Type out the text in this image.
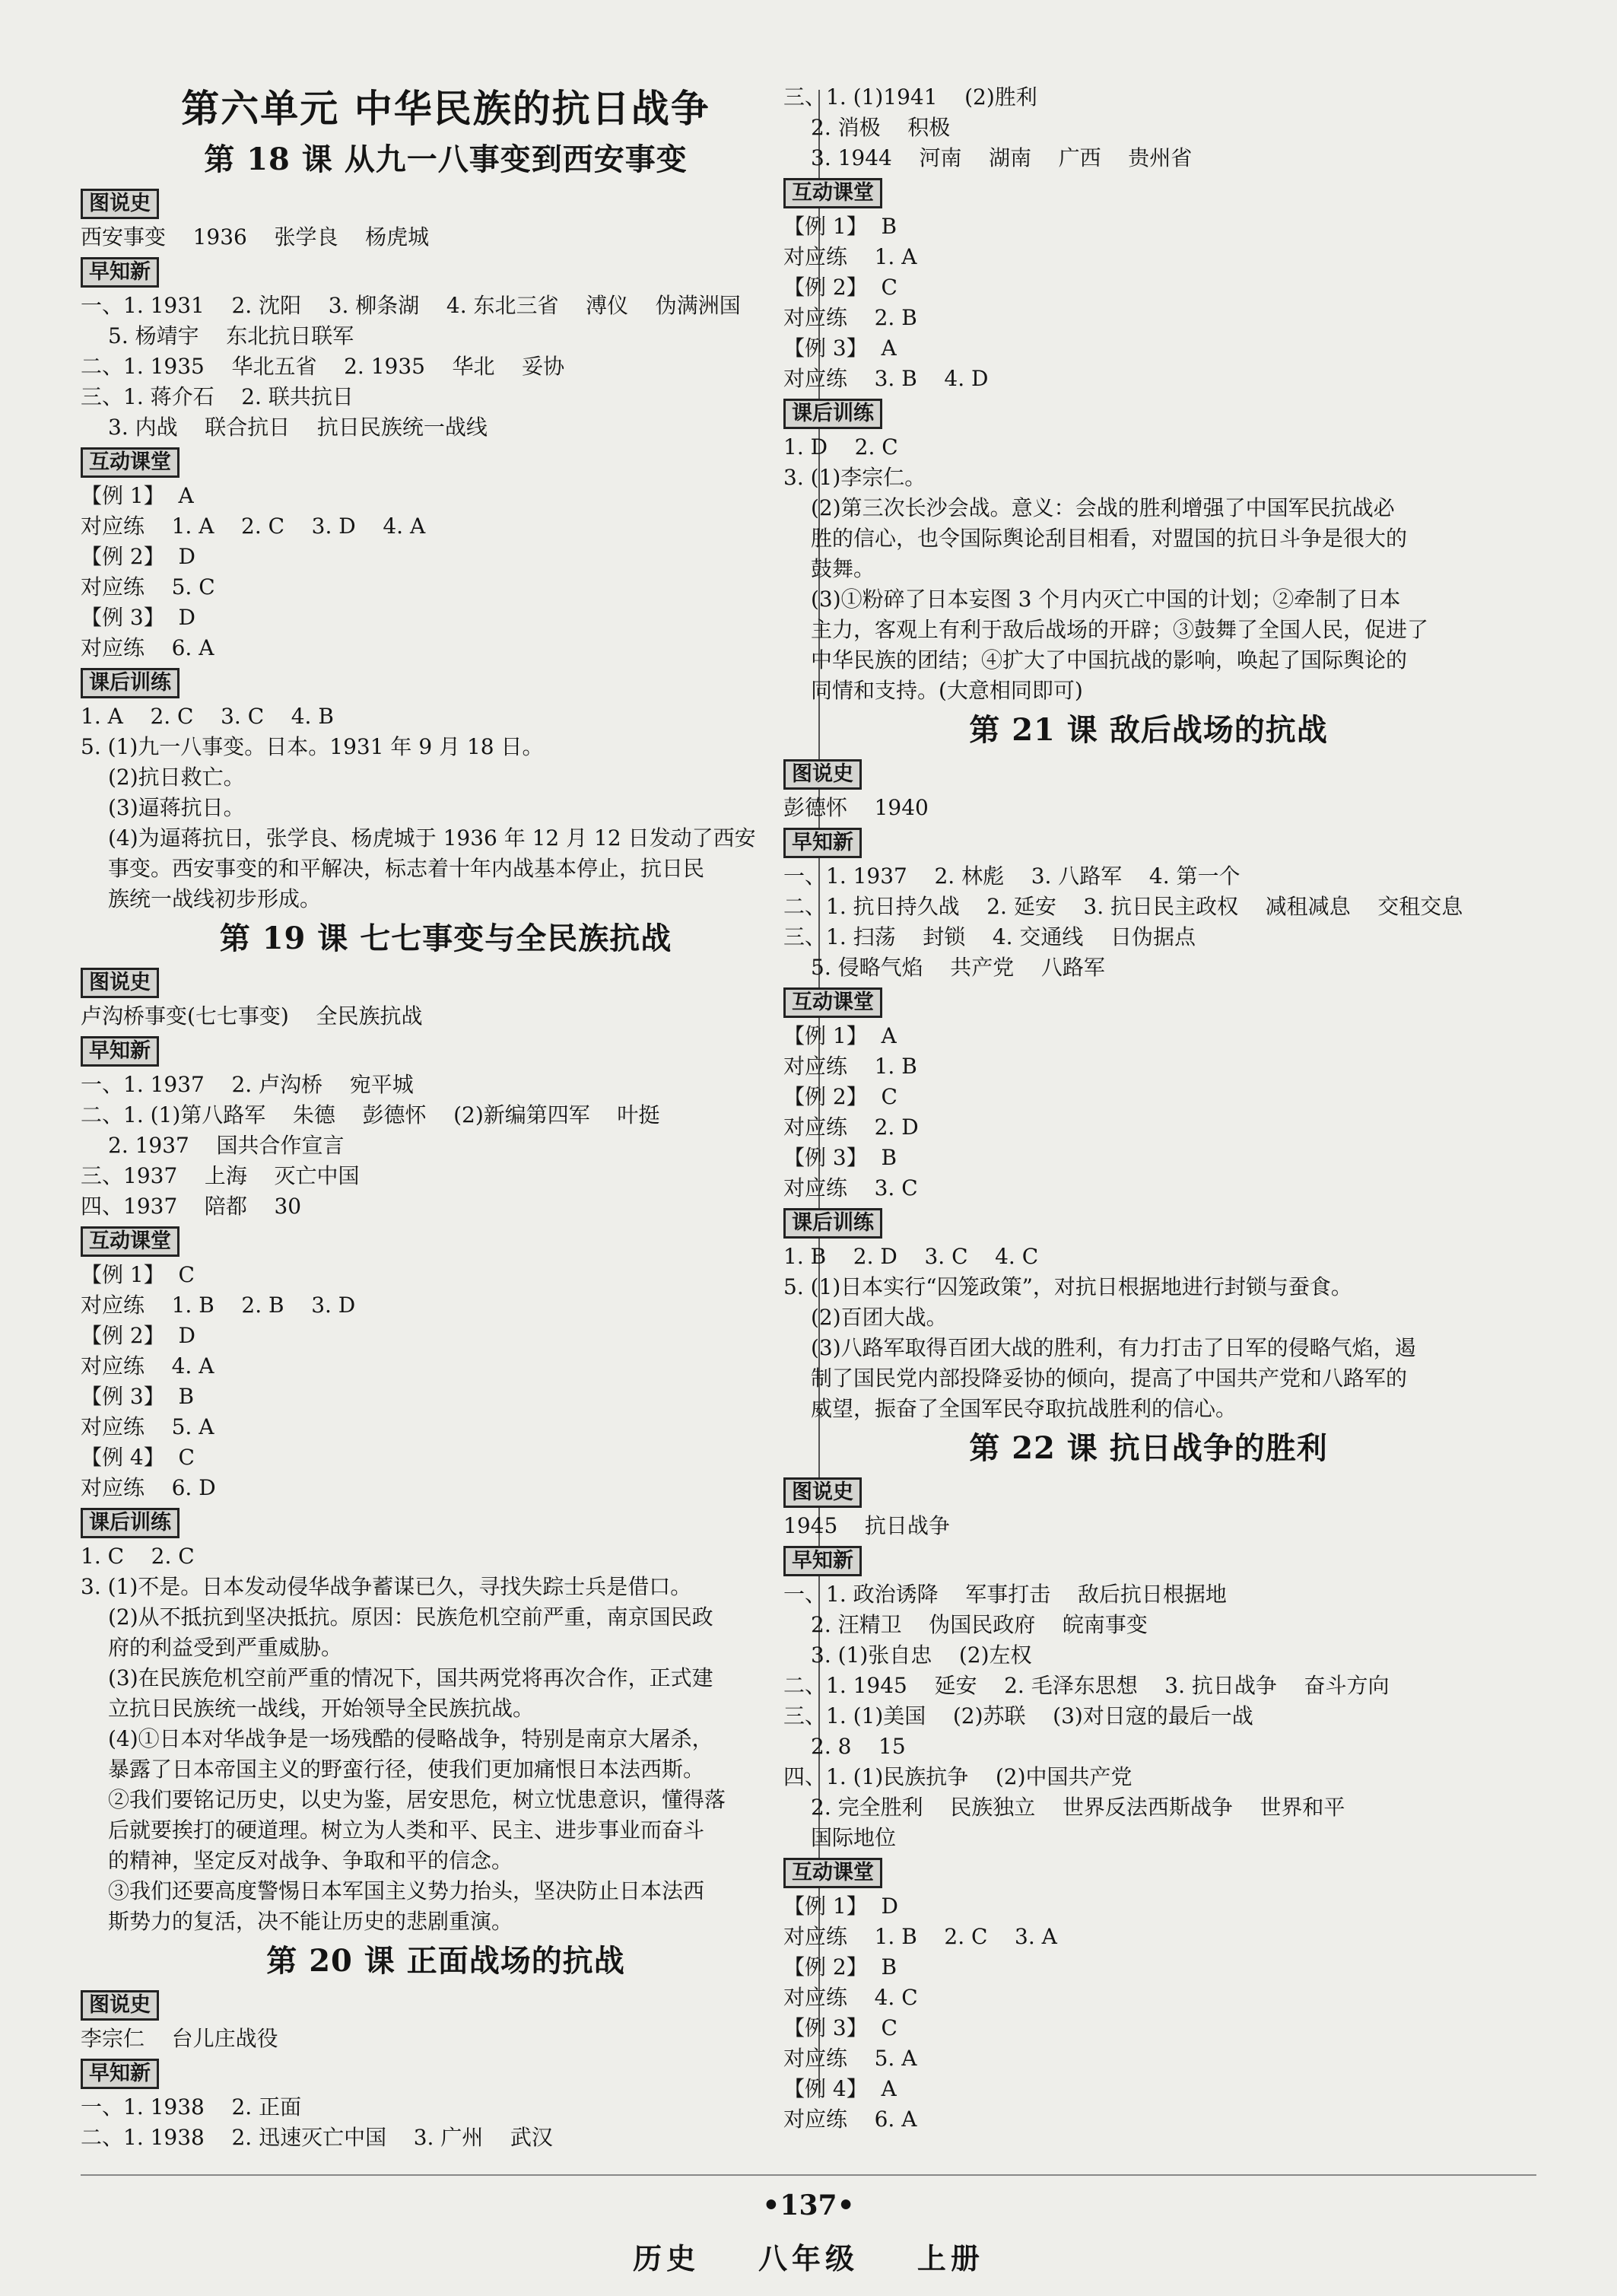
第六单元 中华民族的抗日战争
第 18 课 从九一八事变到西安事变
图说史
西安事变    1936    张学良    杨虎城
早知新
一、1. 1931    2. 沈阳    3. 柳条湖    4. 东北三省    溥仪    伪满洲国
5. 杨靖宇    东北抗日联军
二、1. 1935    华北五省    2. 1935    华北    妥协
三、1. 蒋介石    2. 联共抗日
3. 内战    联合抗日    抗日民族统一战线
互动课堂
【例 1】  A
对应练    1. A    2. C    3. D    4. A
【例 2】  D
对应练    5. C
【例 3】  D
对应练    6. A
课后训练
1. A    2. C    3. C    4. B
5. (1)九一八事变。日本。1931 年 9 月 18 日。
(2)抗日救亡。
(3)逼蒋抗日。
(4)为逼蒋抗日，张学良、杨虎城于 1936 年 12 月 12 日发动了西安
事变。西安事变的和平解决，标志着十年内战基本停止，抗日民
族统一战线初步形成。
第 19 课 七七事变与全民族抗战
图说史
卢沟桥事变(七七事变)    全民族抗战
早知新
一、1. 1937    2. 卢沟桥    宛平城
二、1. (1)第八路军    朱德    彭德怀    (2)新编第四军    叶挺
2. 1937    国共合作宣言
三、1937    上海    灭亡中国
四、1937    陪都    30
互动课堂
【例 1】  C
对应练    1. B    2. B    3. D
【例 2】  D
对应练    4. A
【例 3】  B
对应练    5. A
【例 4】  C
对应练    6. D
课后训练
1. C    2. C
3. (1)不是。日本发动侵华战争蓄谋已久，寻找失踪士兵是借口。
(2)从不抵抗到坚决抵抗。原因：民族危机空前严重，南京国民政
府的利益受到严重威胁。
(3)在民族危机空前严重的情况下，国共两党将再次合作，正式建
立抗日民族统一战线，开始领导全民族抗战。
(4)①日本对华战争是一场残酷的侵略战争，特别是南京大屠杀，
暴露了日本帝国主义的野蛮行径，使我们更加痛恨日本法西斯。
②我们要铭记历史，以史为鉴，居安思危，树立忧患意识，懂得落
后就要挨打的硬道理。树立为人类和平、民主、进步事业而奋斗
的精神，坚定反对战争、争取和平的信念。
③我们还要高度警惕日本军国主义势力抬头，坚决防止日本法西
斯势力的复活，决不能让历史的悲剧重演。
第 20 课 正面战场的抗战
图说史
李宗仁    台儿庄战役
早知新
一、1. 1938    2. 正面
二、1. 1938    2. 迅速灭亡中国    3. 广州    武汉
三、1. (1)1941    (2)胜利
2. 消极    积极
3. 1944    河南    湖南    广西    贵州省
互动课堂
【例 1】  B
对应练    1. A
【例 2】  C
对应练    2. B
【例 3】  A
对应练    3. B    4. D
课后训练
1. D    2. C
3. (1)李宗仁。
(2)第三次长沙会战。意义：会战的胜利增强了中国军民抗战必
胜的信心，也令国际舆论刮目相看，对盟国的抗日斗争是很大的
鼓舞。
(3)①粉碎了日本妄图 3 个月内灭亡中国的计划；②牵制了日本
主力，客观上有利于敌后战场的开辟；③鼓舞了全国人民，促进了
中华民族的团结；④扩大了中国抗战的影响，唤起了国际舆论的
同情和支持。(大意相同即可)
第 21 课 敌后战场的抗战
图说史
彭德怀    1940
早知新
一、1. 1937    2. 林彪    3. 八路军    4. 第一个
二、1. 抗日持久战    2. 延安    3. 抗日民主政权    减租减息    交租交息
三、1. 扫荡    封锁    4. 交通线    日伪据点
5. 侵略气焰    共产党    八路军
互动课堂
【例 1】  A
对应练    1. B
【例 2】  C
对应练    2. D
【例 3】  B
对应练    3. C
课后训练
1. B    2. D    3. C    4. C
5. (1)日本实行“囚笼政策”，对抗日根据地进行封锁与蚕食。
(2)百团大战。
(3)八路军取得百团大战的胜利，有力打击了日军的侵略气焰，遏
制了国民党内部投降妥协的倾向，提高了中国共产党和八路军的
威望，振奋了全国军民夺取抗战胜利的信心。
第 22 课 抗日战争的胜利
图说史
1945    抗日战争
早知新
一、1. 政治诱降    军事打击    敌后抗日根据地
2. 汪精卫    伪国民政府    皖南事变
3. (1)张自忠    (2)左权
二、1. 1945    延安    2. 毛泽东思想    3. 抗日战争    奋斗方向
三、1. (1)美国    (2)苏联    (3)对日寇的最后一战
2. 8    15
四、1. (1)民族抗争    (2)中国共产党
2. 完全胜利    民族独立    世界反法西斯战争    世界和平
国际地位
互动课堂
【例 1】  D
对应练    1. B    2. C    3. A
【例 2】  B
对应练    4. C
【例 3】  C
对应练    5. A
【例 4】  A
对应练    6. A
•137•
历史    八年级    上册
